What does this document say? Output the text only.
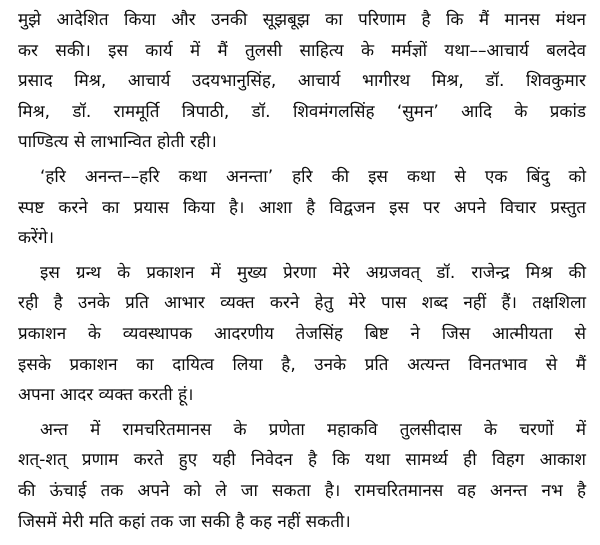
मुझे आदेशित किया और उनकी सूझबूझ का परिणाम है कि मैं मानस मंथन
कर सकी। इस कार्य में मैं तुलसी साहित्य के मर्मज्ञों यथा––आचार्य बलदेव
प्रसाद मिश्र, आचार्य उदयभानुसिंह, आचार्य भागीरथ मिश्र, डॉ. शिवकुमार
मिश्र, डॉ. राममूर्ति त्रिपाठी, डॉ. शिवमंगलसिंह ‘सुमन’ आदि के प्रकांड
पाण्डित्य से लाभान्वित होती रही।
‘हरि अनन्त––हरि कथा अनन्ता’ हरि की इस कथा से एक बिंदु को
स्पष्ट करने का प्रयास किया है। आशा है विद्वजन इस पर अपने विचार प्रस्तुत
करेंगे।
इस ग्रन्थ के प्रकाशन में मुख्य प्रेरणा मेरे अग्रजवत् डॉ. राजेन्द्र मिश्र की
रही है उनके प्रति आभार व्यक्त करने हेतु मेरे पास शब्द नहीं हैं। तक्षशिला
प्रकाशन के व्यवस्थापक आदरणीय तेजसिंह बिष्ट ने जिस आत्मीयता से
इसके प्रकाशन का दायित्व लिया है, उनके प्रति अत्यन्त विनतभाव से मैं
अपना आदर व्यक्त करती हूं।
अन्त में रामचरितमानस के प्रणेता महाकवि तुलसीदास के चरणों में
शत्-शत् प्रणाम करते हुए यही निवेदन है कि यथा सामर्थ्य ही विहग आकाश
की ऊंचाई तक अपने को ले जा सकता है। रामचरितमानस वह अनन्त नभ है
जिसमें मेरी मति कहां तक जा सकी है कह नहीं सकती।
